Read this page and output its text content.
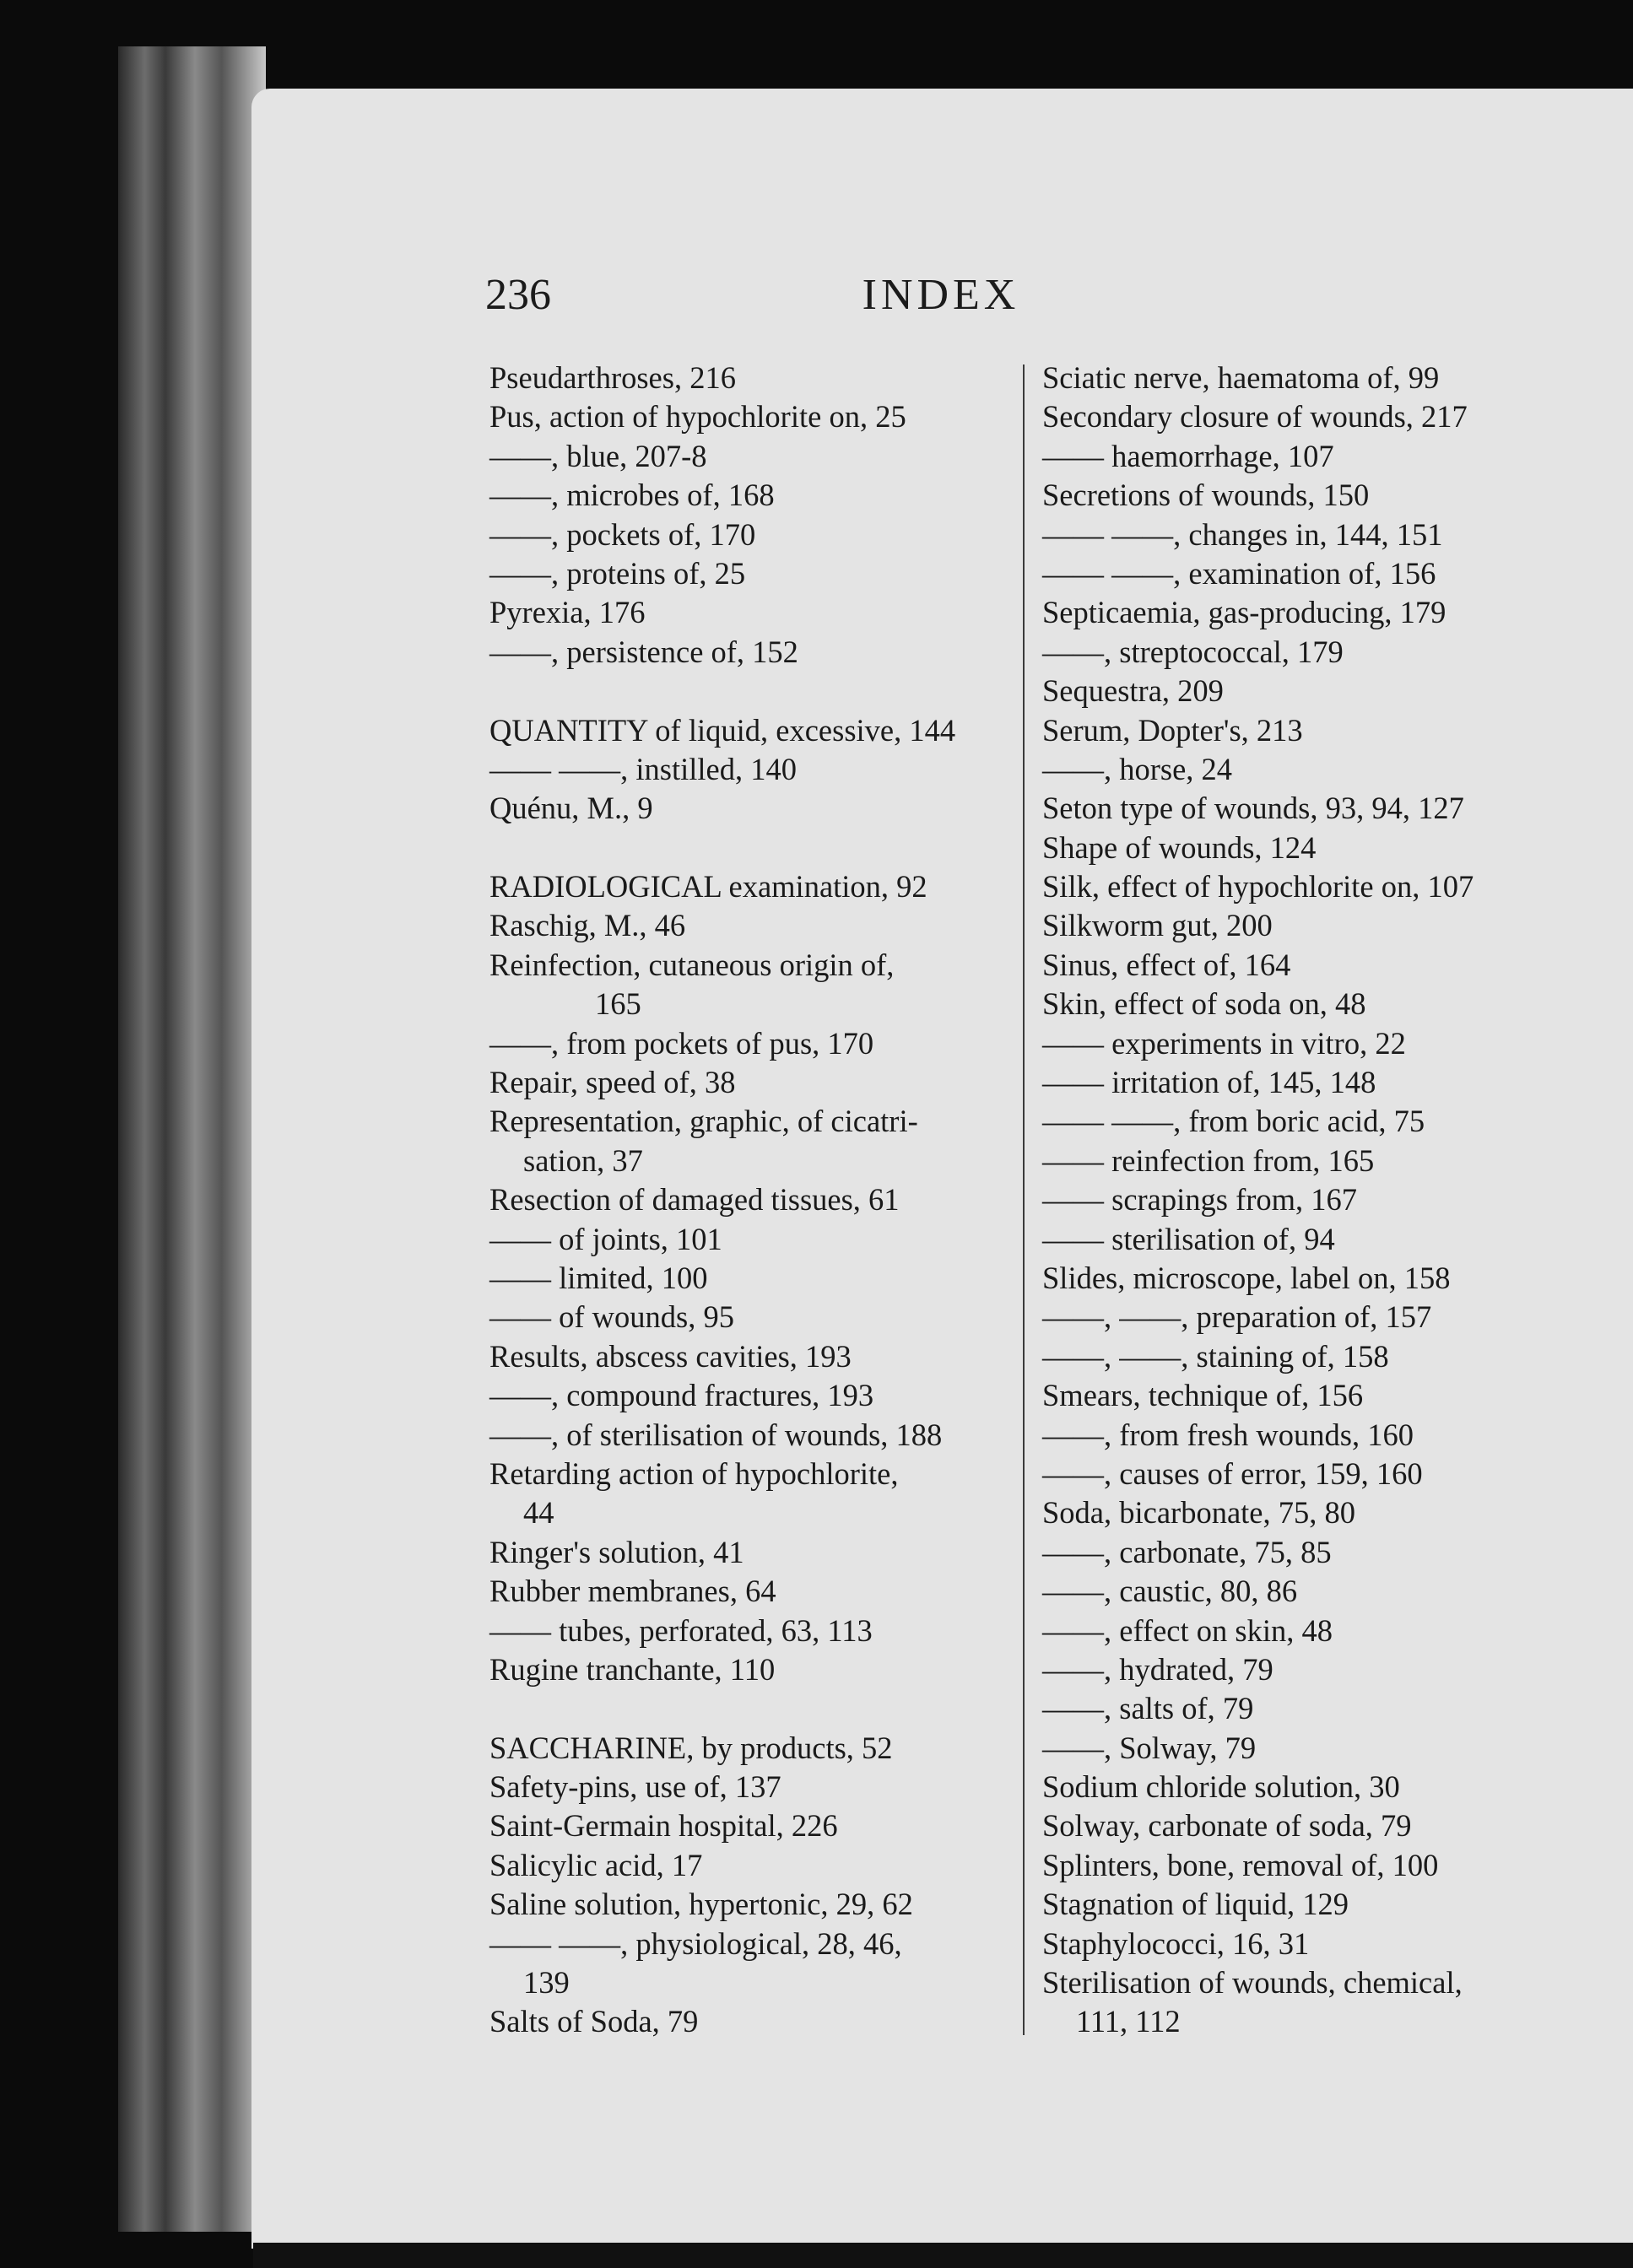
236	INDEX
Pseudarthroses, 216
Pus, action of hypochlorite on, 25
——, blue, 207-8
——, microbes of, 168
——, pockets of, 170
——, proteins of, 25
Pyrexia, 176
——, persistence of, 152
QUANTITY of liquid, excessive, 144
—— ——, instilled, 140
Quénu, M., 9
RADIOLOGICAL examination, 92
Raschig, M., 46
Reinfection, cutaneous origin of,
165
——, from pockets of pus, 170
Repair, speed of, 38
Representation, graphic, of cicatri-
sation, 37
Resection of damaged tissues, 61
—— of joints, 101
—— limited, 100
—— of wounds, 95
Results, abscess cavities, 193
——, compound fractures, 193
——, of sterilisation of wounds, 188
Retarding action of hypochlorite,
44
Ringer's solution, 41
Rubber membranes, 64
—— tubes, perforated, 63, 113
Rugine tranchante, 110
SACCHARINE, by products, 52
Safety-pins, use of, 137
Saint-Germain hospital, 226
Salicylic acid, 17
Saline solution, hypertonic, 29, 62
—— ——, physiological, 28, 46,
139
Salts of Soda, 79
Sciatic nerve, haematoma of, 99
Secondary closure of wounds, 217
—— haemorrhage, 107
Secretions of wounds, 150
—— ——, changes in, 144, 151
—— ——, examination of, 156
Septicaemia, gas-producing, 179
——, streptococcal, 179
Sequestra, 209
Serum, Dopter's, 213
——, horse, 24
Seton type of wounds, 93, 94, 127
Shape of wounds, 124
Silk, effect of hypochlorite on, 107
Silkworm gut, 200
Sinus, effect of, 164
Skin, effect of soda on, 48
—— experiments in vitro, 22
—— irritation of, 145, 148
—— ——, from boric acid, 75
—— reinfection from, 165
—— scrapings from, 167
—— sterilisation of, 94
Slides, microscope, label on, 158
——, ——, preparation of, 157
——, ——, staining of, 158
Smears, technique of, 156
——, from fresh wounds, 160
——, causes of error, 159, 160
Soda, bicarbonate, 75, 80
——, carbonate, 75, 85
——, caustic, 80, 86
——, effect on skin, 48
——, hydrated, 79
——, salts of, 79
——, Solway, 79
Sodium chloride solution, 30
Solway, carbonate of soda, 79
Splinters, bone, removal of, 100
Stagnation of liquid, 129
Staphylococci, 16, 31
Sterilisation of wounds, chemical,
111, 112
